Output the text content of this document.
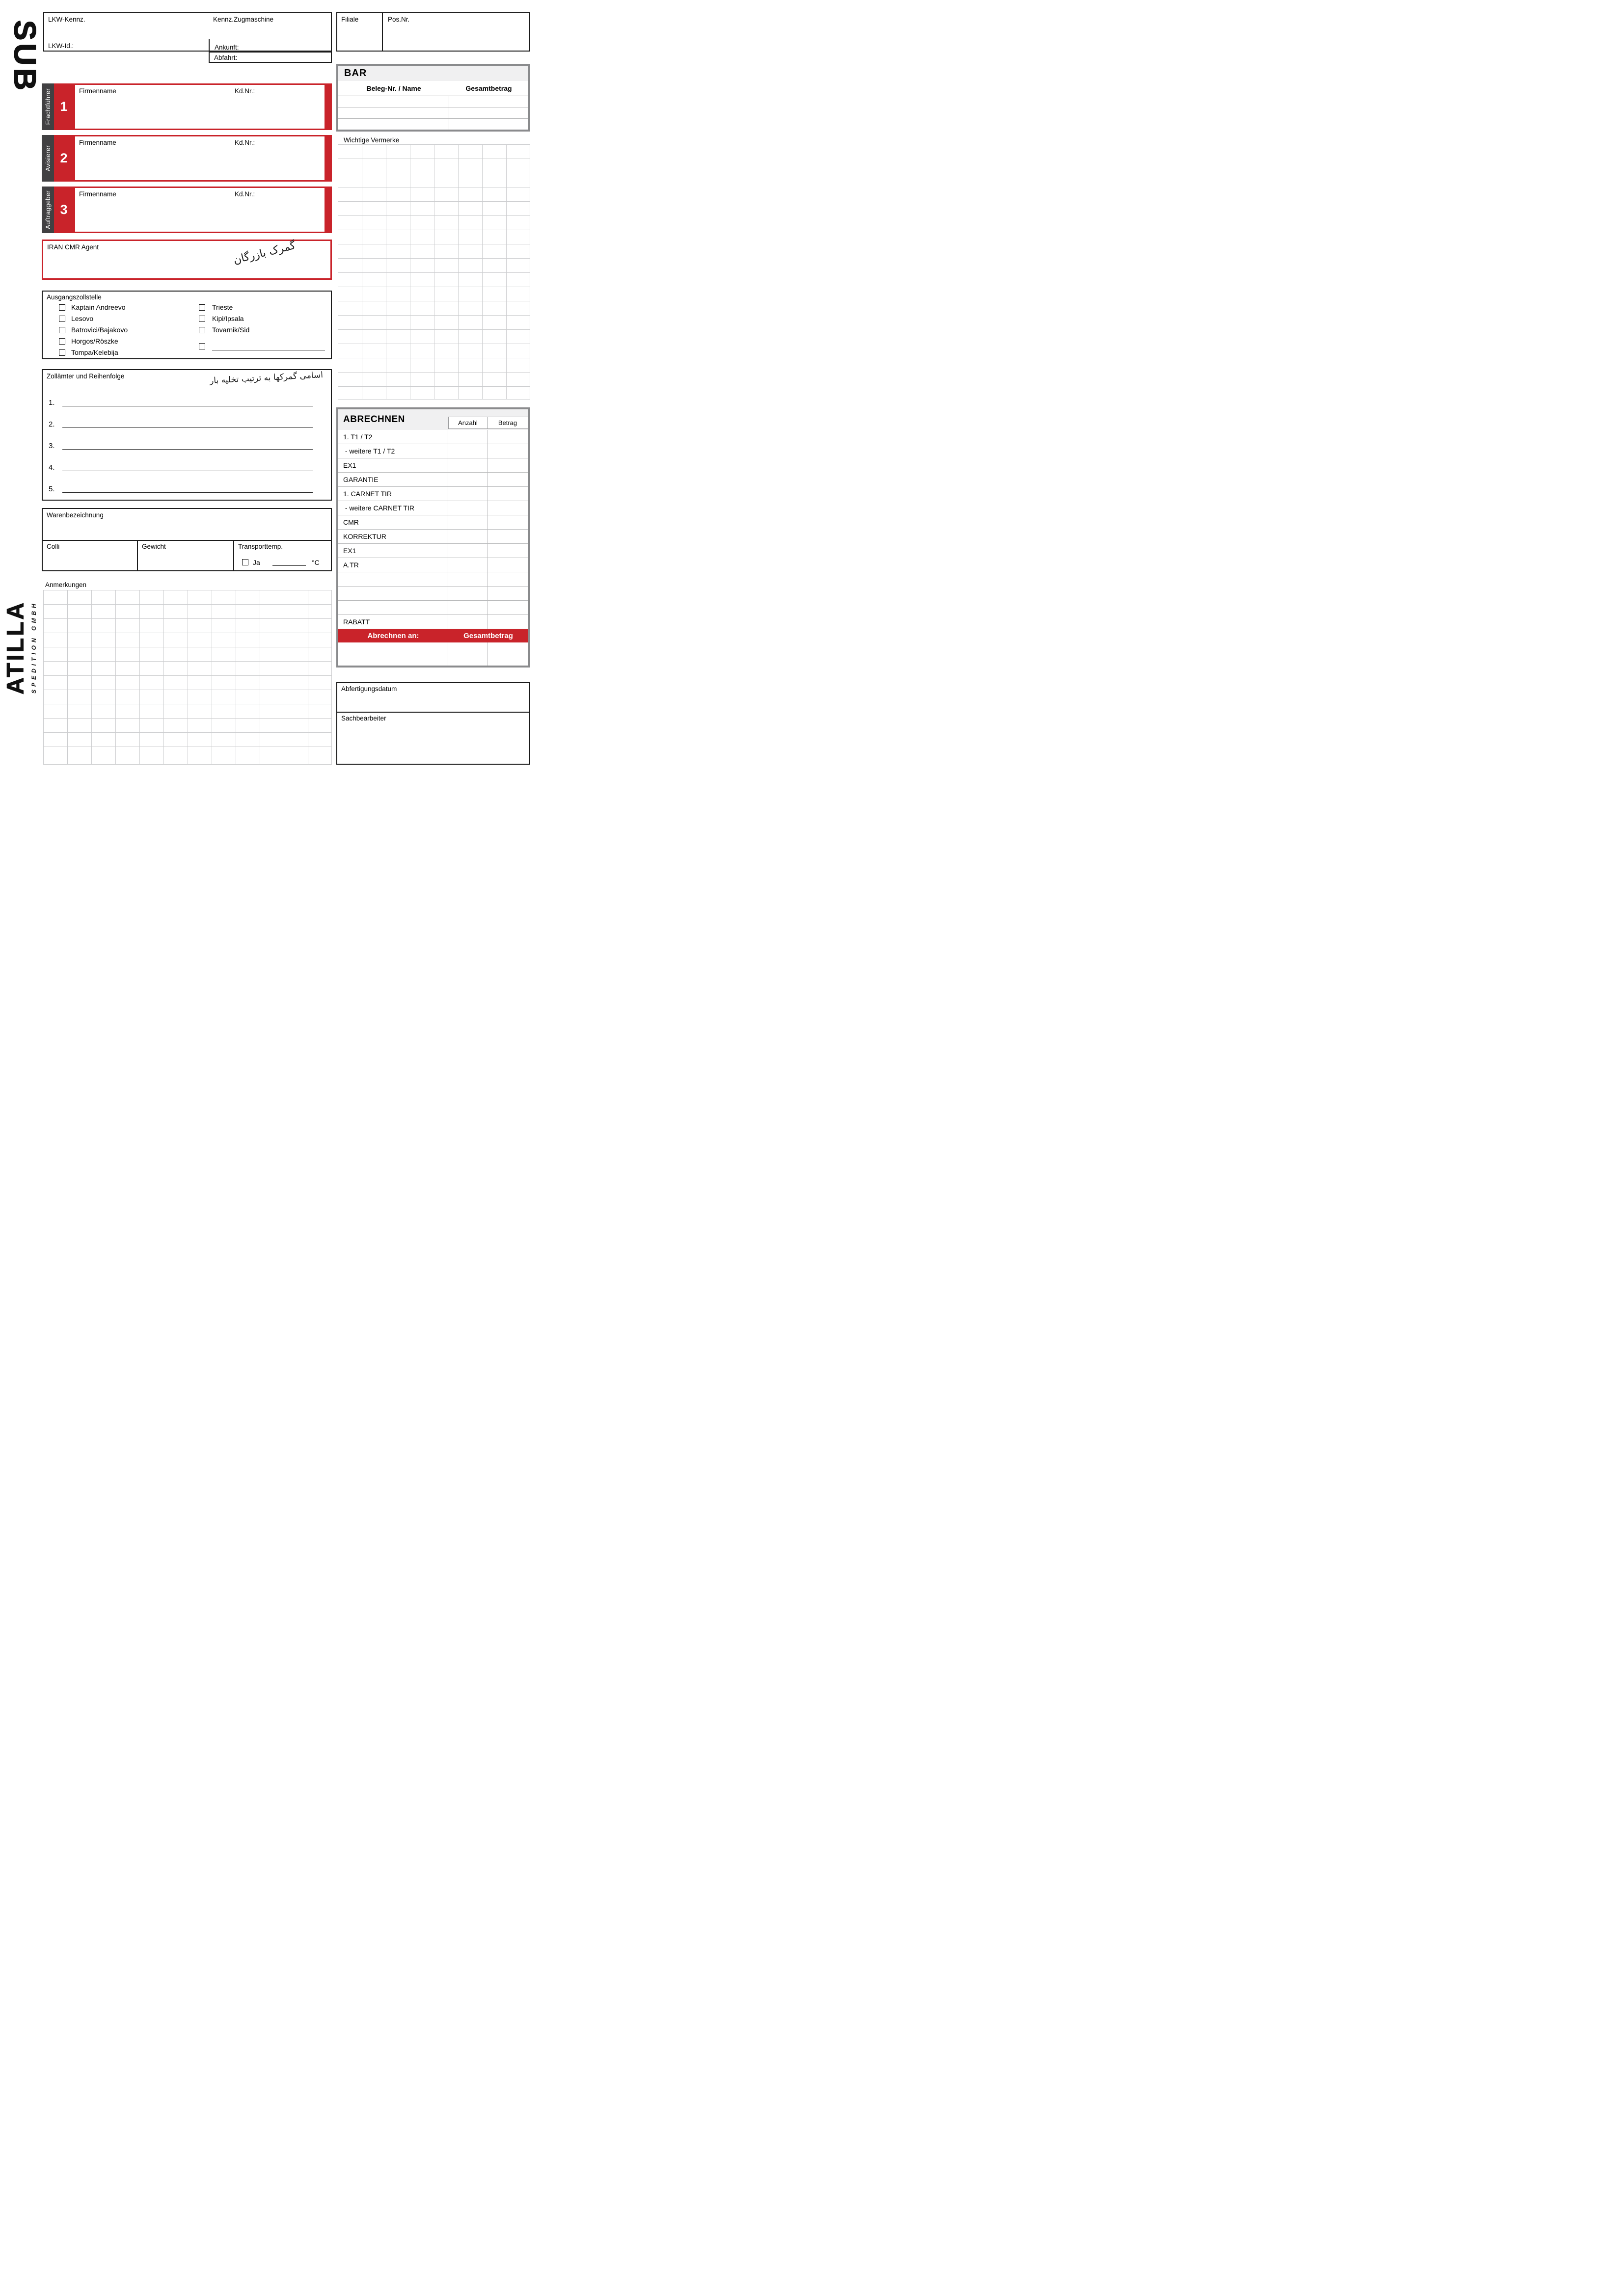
SUB
ATILLA SPEDITION GMBH
LKW-Kennz.	Kennz.Zugmaschine
LKW-Id.:	Ankunft:
Abfahrt:
Filiale	Pos.Nr.
BAR
Beleg-Nr. / Name	Gesamtbetrag
Frachtführer 1
Firmenname	Kd.Nr.:
Avisierer 2
Firmenname	Kd.Nr.:
Auftraggeber 3
Firmenname	Kd.Nr.:
IRAN CMR Agent	گمرک بازرگان
Wichtige Vermerke
Ausgangszollstelle
Kaptain Andreevo
Lesovo
Batrovici/Bajakovo
Horgos/Röszke
Tompa/Kelebija
Trieste
Kipi/Ipsala
Tovarnik/Sid
Zollämter und Reihenfolge	اسامی گمرکها به ترتیب تخلیه بار
1.
2.
3.
4.
5.
Warenbezeichnung
Colli	Gewicht	Transporttemp.
Ja	°C
Anmerkungen
ABRECHNEN	Anzahl	Betrag
1. T1 / T2
- weitere T1 / T2
EX1
GARANTIE
1. CARNET TIR
- weitere CARNET TIR
CMR
KORREKTUR
EX1
A.TR
RABATT
Abrechnen an:	Gesamtbetrag
Abfertigungsdatum
Sachbearbeiter
